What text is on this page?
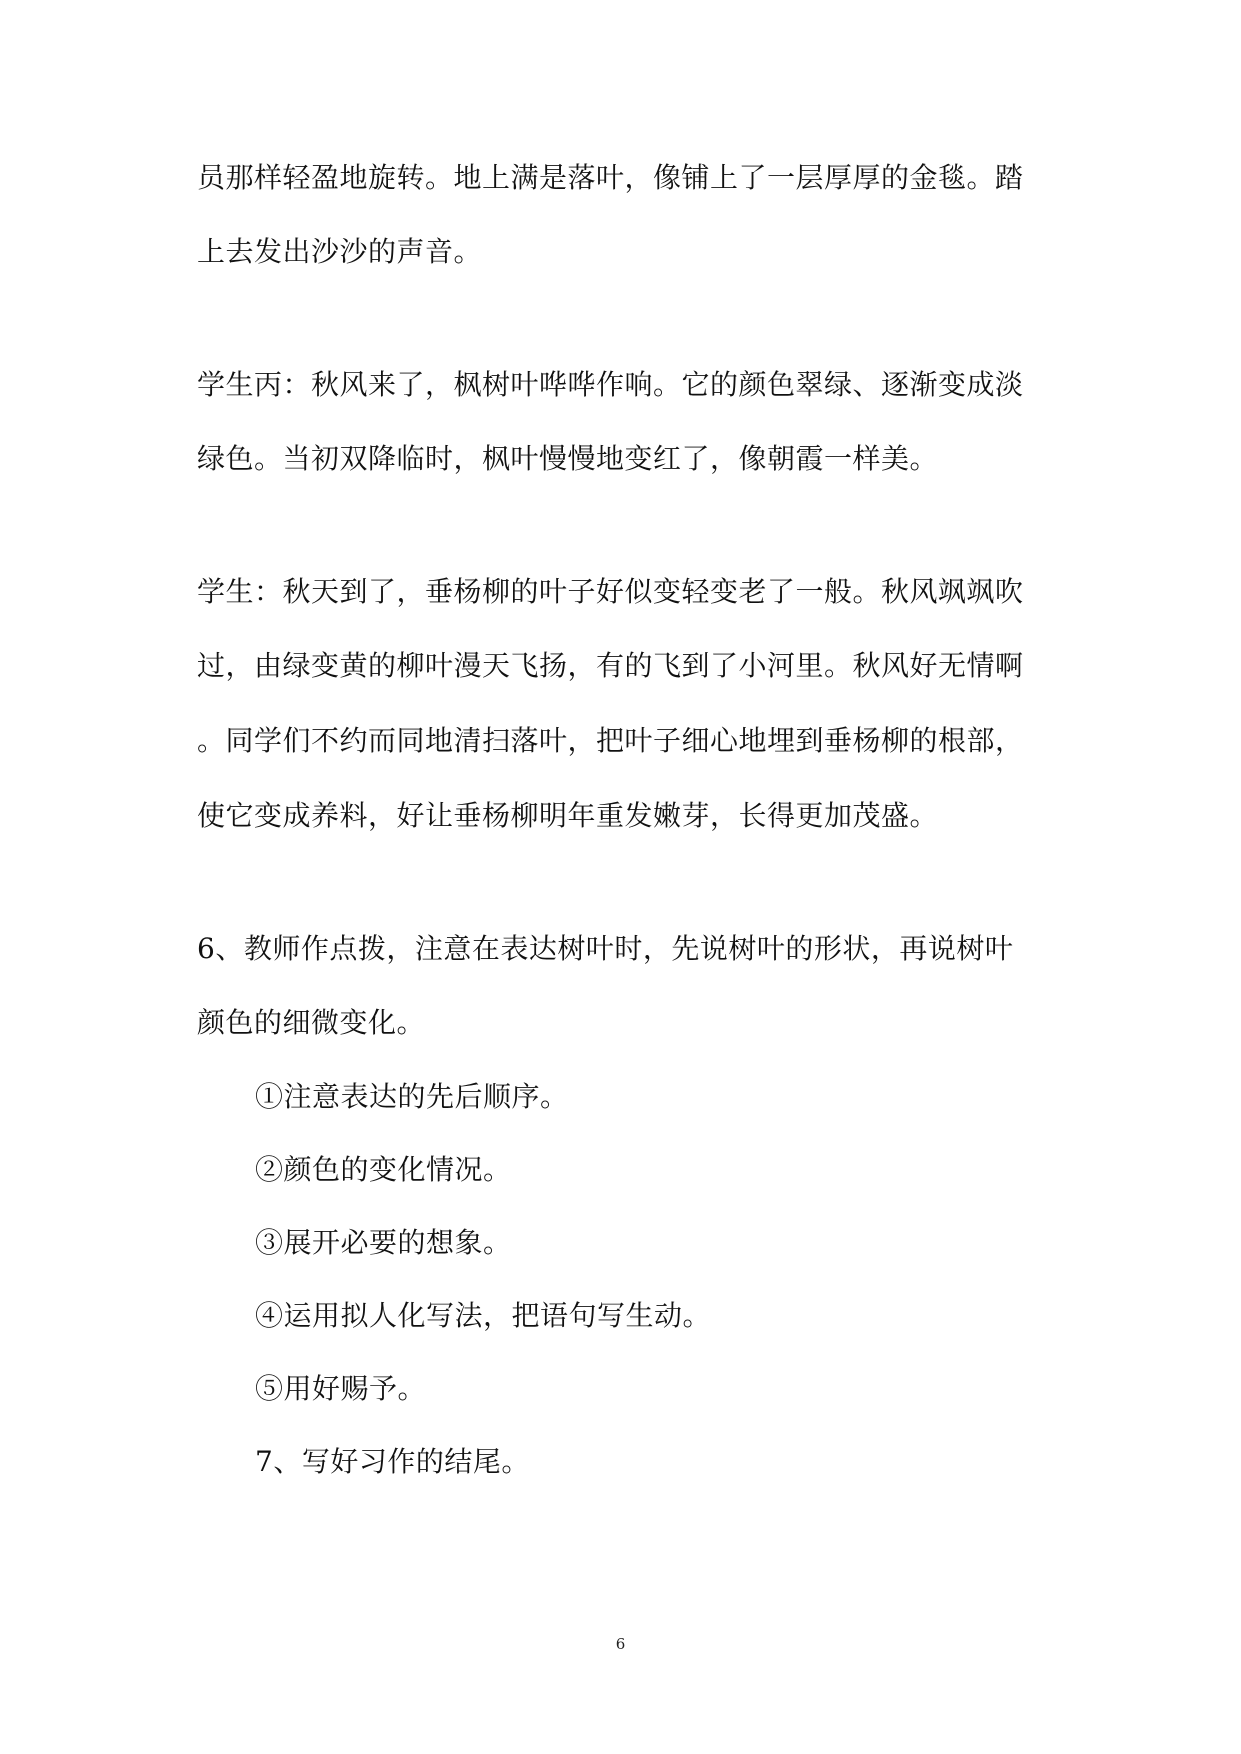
员那样轻盈地旋转。地上满是落叶，像铺上了一层厚厚的金毯。踏
上去发出沙沙的声音。
学生丙：秋风来了，枫树叶哗哗作响。它的颜色翠绿、逐渐变成淡
绿色。当初双降临时，枫叶慢慢地变红了，像朝霞一样美。
学生：秋天到了，垂杨柳的叶子好似变轻变老了一般。秋风飒飒吹
过，由绿变黄的柳叶漫天飞扬，有的飞到了小河里。秋风好无情啊
。同学们不约而同地清扫落叶，把叶子细心地埋到垂杨柳的根部，
使它变成养料，好让垂杨柳明年重发嫩芽，长得更加茂盛。
6、教师作点拨，注意在表达树叶时，先说树叶的形状，再说树叶
颜色的细微变化。
①注意表达的先后顺序。
②颜色的变化情况。
③展开必要的想象。
④运用拟人化写法，把语句写生动。
⑤用好赐予。
7、写好习作的结尾。
6
